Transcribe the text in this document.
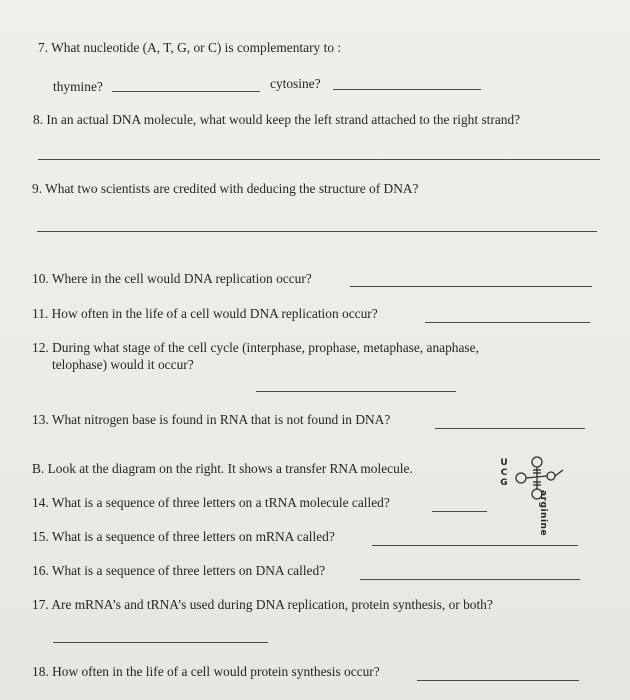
7. What nucleotide (A, T, G, or C) is complementary to :
thymine?	cytosine?
8. In an actual DNA molecule, what would keep the left strand attached to the right strand?
9. What two scientists are credited with deducing the structure of DNA?
10. Where in the cell would DNA replication occur?
11. How often in the life of a cell would DNA replication occur?
12. During what stage of the cell cycle (interphase, prophase, metaphase, anaphase,
telophase) would it occur?
13. What nitrogen base is found in RNA that is not found in DNA?
B. Look at the diagram on the right. It shows a transfer RNA molecule.	U
C
G
arginine
14. What is a sequence of three letters on a tRNA molecule called?
15. What is a sequence of three letters on mRNA called?
16. What is a sequence of three letters on DNA called?
17. Are mRNA’s and tRNA’s used during DNA replication, protein synthesis, or both?
18. How often in the life of a cell would protein synthesis occur?
